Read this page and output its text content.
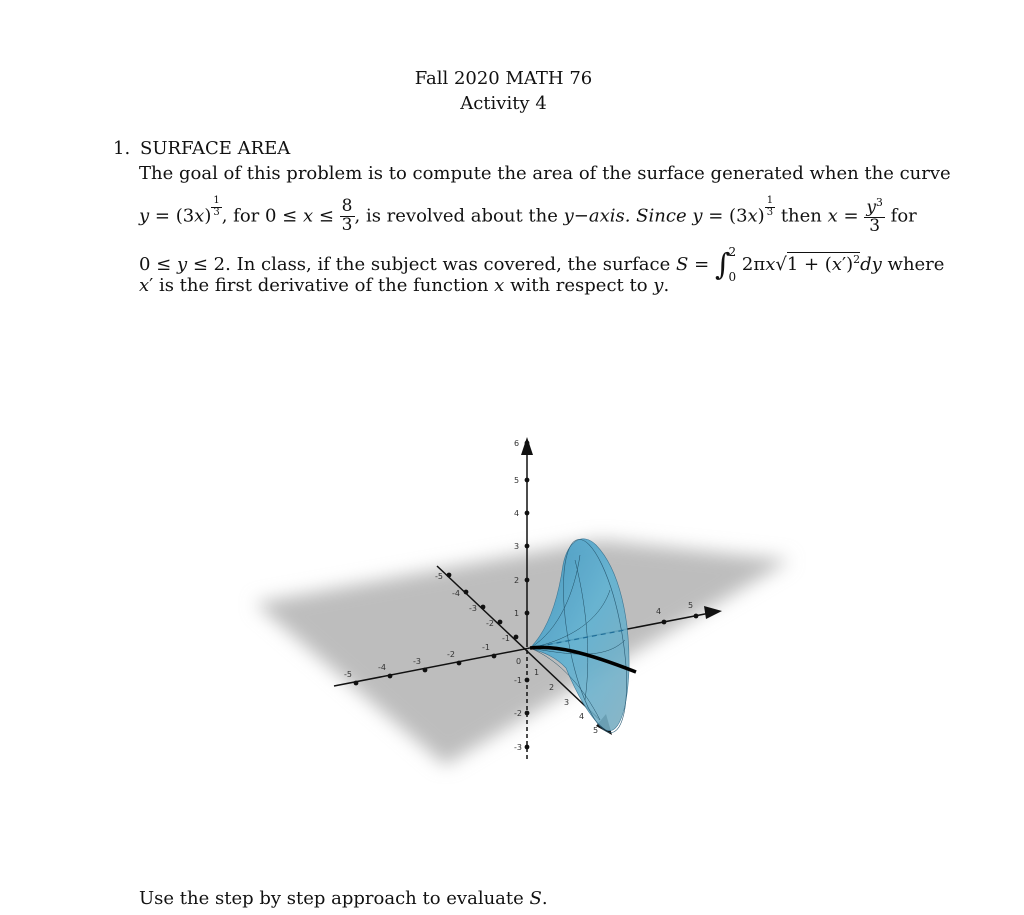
Fall 2020 MATH 76
Activity 4
1. SURFACE AREA
The goal of this problem is to compute the area of the surface generated when the curve
$y = (3x) \frac{1}{3}$ , for $0 \le x \le \frac{8}{3}$ , is revolved about the y−axis. Since $y = (3x) \frac{1}{3}$ then $x = \frac{y^3}{3}$ for
0 ≤ y ≤ 2. In class, if the subject was covered, the surface S = ∫
2
0
$2\pi x√1 + (x')^2dy$ where
x′ is the first derivative of the function x with respect to y.
-5
-4
-3
-2
-1
4
5
6
5
4
3
2
1
-1
-2
-3
-5
-4
-3
-2
-1
1
2
3
4
5
0
Use the step by step approach to evaluate S.
